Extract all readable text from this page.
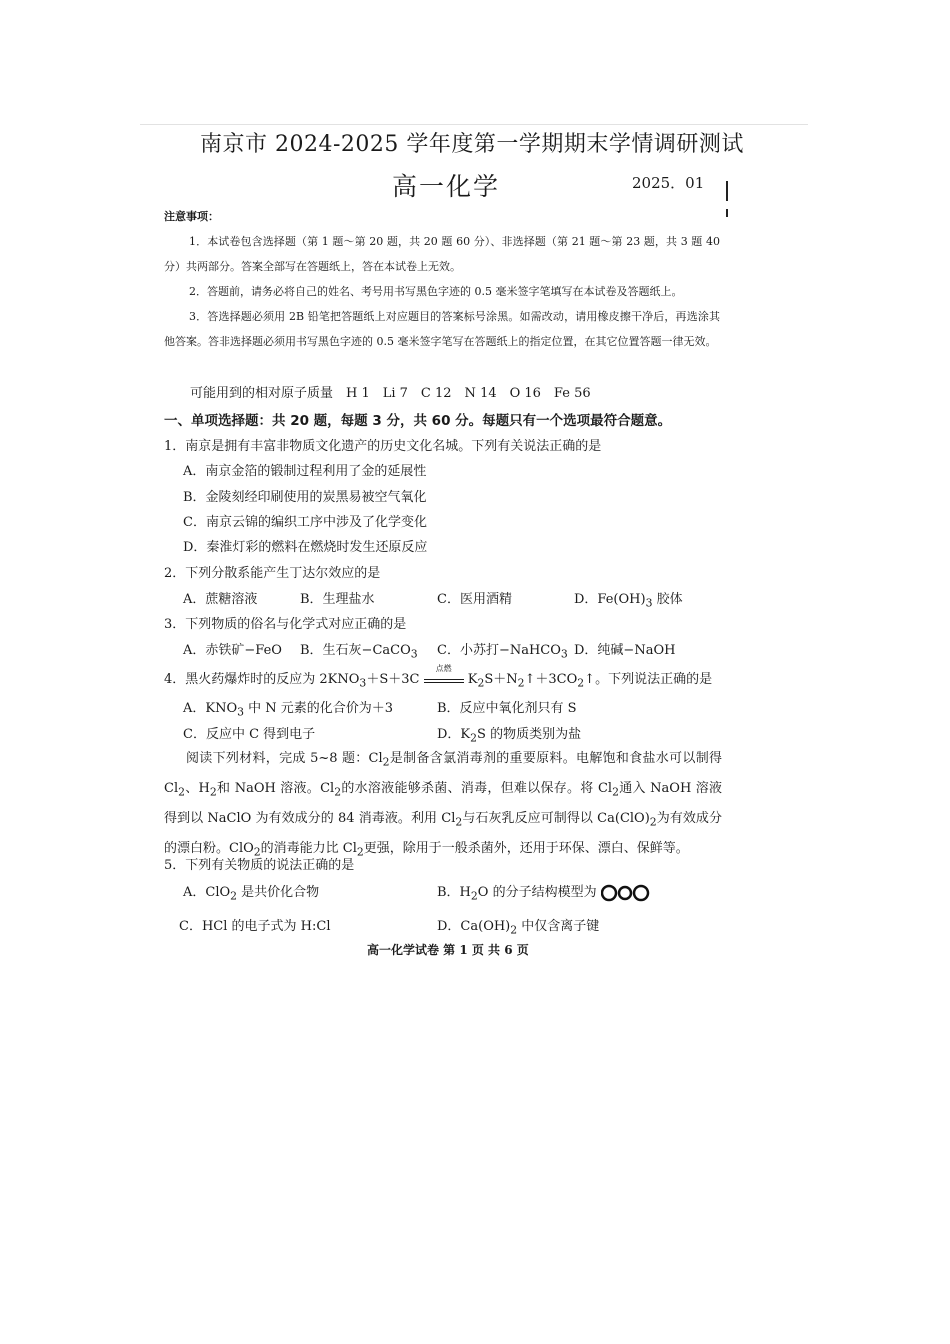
南京市 2024-2025 学年度第一学期期末学情调研测试
高一化学	2025．01
注意事项：
1．本试卷包含选择题（第 1 题～第 20 题，共 20 题 60 分）、非选择题（第 21 题～第 23 题，共 3 题 40 分）共两部分。答案全部写在答题纸上，答在本试卷上无效。
2．答题前，请务必将自己的姓名、考号用书写黑色字迹的 0.5 毫米签字笔填写在本试卷及答题纸上。
3．答选择题必须用 2B 铅笔把答题纸上对应题目的答案标号涂黑。如需改动，请用橡皮擦干净后，再选涂其他答案。答非选择题必须用书写黑色字迹的 0.5 毫米签字笔写在答题纸上的指定位置，在其它位置答题一律无效。
可能用到的相对原子质量　H 1　Li 7　C 12　N 14　O 16　Fe 56
一、单项选择题：共 20 题，每题 3 分，共 60 分。每题只有一个选项最符合题意。
1．南京是拥有丰富非物质文化遗产的历史文化名城。下列有关说法正确的是
A．南京金箔的锻制过程利用了金的延展性
B．金陵刻经印刷使用的炭黑易被空气氧化
C．南京云锦的编织工序中涉及了化学变化
D．秦淮灯彩的燃料在燃烧时发生还原反应
2．下列分散系能产生丁达尔效应的是
A．蔗糖溶液	B．生理盐水	C．医用酒精	D．$Fe(OH)_3$ 胶体
3．下列物质的俗名与化学式对应正确的是
A．赤铁矿−FeO B．生石灰−CaCO$_3$ C．小苏打−NaHCO$_3$ D．纯碱−NaOH
4．黑火药爆炸时的反应为 $2KNO_3+S+3C$
点燃
$K_2S+N_2↑+3CO_2↑$。下列说法正确的是
A．$KNO_3$ 中 N 元素的化合价为＋3	B．反应中氧化剂只有 S
C．反应中 C 得到电子	D．$K_2S$ 的物质类别为盐
阅读下列材料，完成 5~8 题：$Cl_2$是制备含氯消毒剂的重要原料。电解饱和食盐水可以制得 $Cl_2$、$H_2$和 NaOH 溶液。$Cl_2$的水溶液能够杀菌、消毒，但难以保存。将 $Cl_2$通入 NaOH 溶液得到以 NaClO 为有效成分的 84 消毒液。利用 $Cl_2$与石灰乳反应可制得以 $Ca(ClO)_2$为有效成分的漂白粉。ClO$_2$的消毒能力比 $Cl_2$更强，除用于一般杀菌外，还用于环保、漂白、保鲜等。
5．下列有关物质的说法正确的是
A．ClO$_2$ 是共价化合物	B．$H_2O$ 的分子结构模型为
C．HCl 的电子式为 H:Cl	D．$Ca(OH)_2$ 中仅含离子键
高一化学试卷 第 1 页 共 6 页
